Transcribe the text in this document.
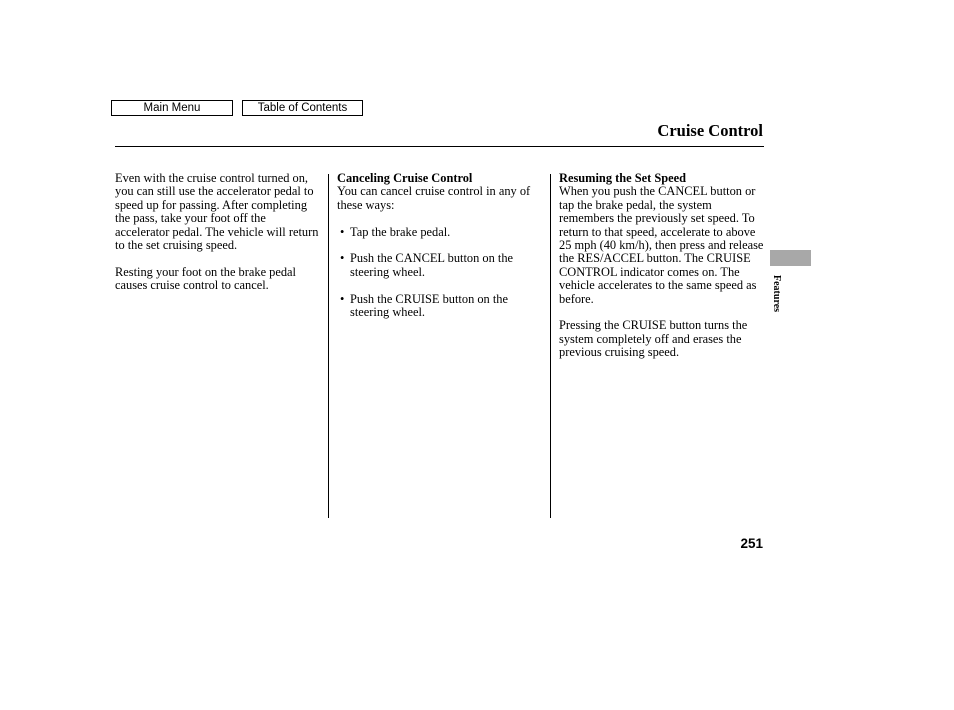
Main Menu	Table of Contents
Cruise Control

Even with the cruise control turned on, you can still use the accelerator pedal to speed up for passing. After completing the pass, take your foot off the accelerator pedal. The vehicle will return to the set cruising speed.

Resting your foot on the brake pedal causes cruise control to cancel.

Canceling Cruise Control

You can cancel cruise control in any of these ways:

• Tap the brake pedal.
• Push the CANCEL button on the steering wheel.
• Push the CRUISE button on the steering wheel.
Resuming the Set Speed

When you push the CANCEL button or tap the brake pedal, the system remembers the previously set speed. To return to that speed, accelerate to above 25 mph (40 km/h), then press and release the RES/ACCEL button. The CRUISE CONTROL indicator comes on. The vehicle accelerates to the same speed as before.

Pressing the CRUISE button turns the system completely off and erases the previous cruising speed.

Features
251
